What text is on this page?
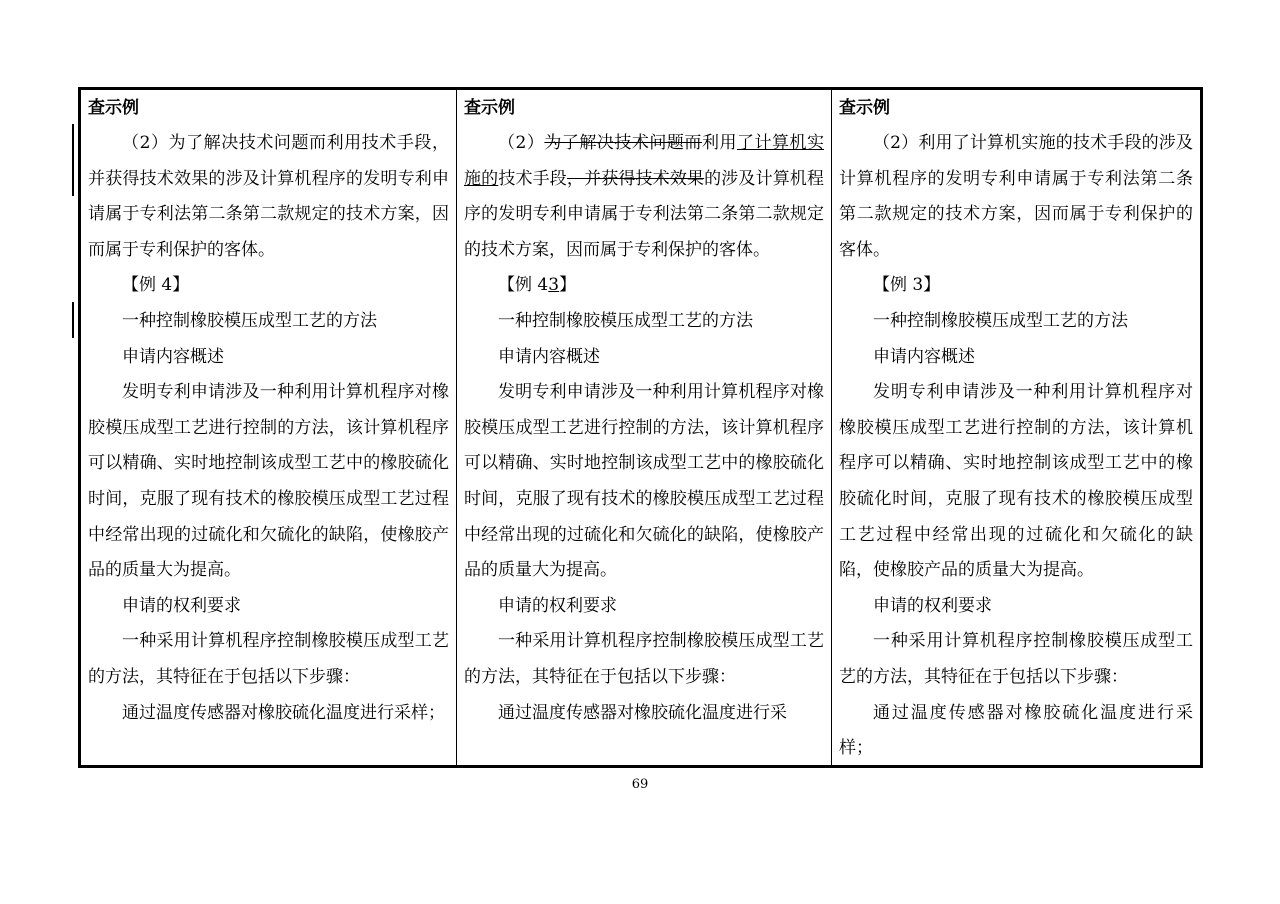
查示例

（2）为了解决技术问题而利用技术手段，并获得技术效果的涉及计算机程序的发明专利申请属于专利法第二条第二款规定的技术方案，因而属于专利保护的客体。

【例 4】

一种控制橡胶模压成型工艺的方法

申请内容概述

发明专利申请涉及一种利用计算机程序对橡胶模压成型工艺进行控制的方法，该计算机程序可以精确、实时地控制该成型工艺中的橡胶硫化时间，克服了现有技术的橡胶模压成型工艺过程中经常出现的过硫化和欠硫化的缺陷，使橡胶产品的质量大为提高。

申请的权利要求

一种采用计算机程序控制橡胶模压成型工艺的方法，其特征在于包括以下步骤：

通过温度传感器对橡胶硫化温度进行采样；

查示例

（2）为了解决技术问题而利用了计算机实施的技术手段，并获得技术效果的涉及计算机程序的发明专利申请属于专利法第二条第二款规定的技术方案，因而属于专利保护的客体。

【例 43】

一种控制橡胶模压成型工艺的方法

申请内容概述

发明专利申请涉及一种利用计算机程序对橡胶模压成型工艺进行控制的方法，该计算机程序可以精确、实时地控制该成型工艺中的橡胶硫化时间，克服了现有技术的橡胶模压成型工艺过程中经常出现的过硫化和欠硫化的缺陷，使橡胶产品的质量大为提高。

申请的权利要求

一种采用计算机程序控制橡胶模压成型工艺的方法，其特征在于包括以下步骤：

通过温度传感器对橡胶硫化温度进行采

查示例

（2）利用了计算机实施的技术手段的涉及计算机程序的发明专利申请属于专利法第二条第二款规定的技术方案，因而属于专利保护的客体。

【例 3】

一种控制橡胶模压成型工艺的方法

申请内容概述

发明专利申请涉及一种利用计算机程序对橡胶模压成型工艺进行控制的方法，该计算机程序可以精确、实时地控制该成型工艺中的橡胶硫化时间，克服了现有技术的橡胶模压成型工艺过程中经常出现的过硫化和欠硫化的缺陷，使橡胶产品的质量大为提高。

申请的权利要求

一种采用计算机程序控制橡胶模压成型工艺的方法，其特征在于包括以下步骤：

通过温度传感器对橡胶硫化温度进行采样；

69
